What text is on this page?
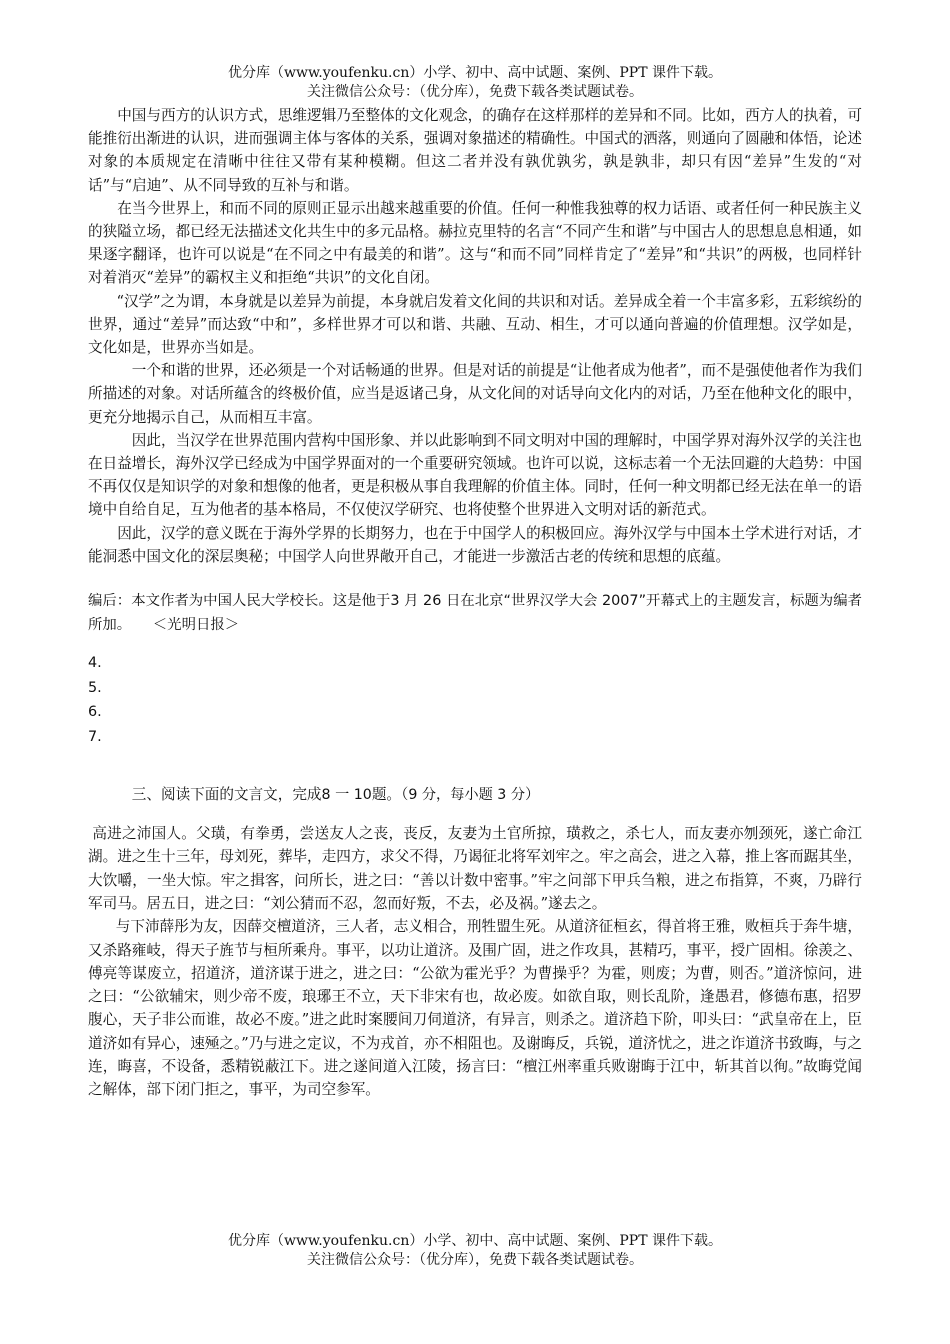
优分库（www.youfenku.cn）小学、初中、高中试题、案例、PPT 课件下载。
关注微信公众号：（优分库），免费下载各类试题试卷。

中国与西方的认识方式，思维逻辑乃至整体的文化观念，的确存在这样那样的差异和不同。比如，西方人的执着，可能推衍出渐进的认识，进而强调主体与客体的关系，强调对象描述的精确性。中国式的洒落，则通向了圆融和体悟，论述对象的本质规定在清晰中往往又带有某种模糊。但这二者并没有孰优孰劣，孰是孰非，却只有因“差异”生发的“对话”与“启迪”、从不同导致的互补与和谐。

在当今世界上，和而不同的原则正显示出越来越重要的价值。任何一种惟我独尊的权力话语、或者任何一种民族主义的狭隘立场，都已经无法描述文化共生中的多元品格。赫拉克里特的名言“不同产生和谐”与中国古人的思想息息相通，如果逐字翻译，也许可以说是“在不同之中有最美的和谐”。这与“和而不同”同样肯定了“差异”和“共识”的两极，也同样针对着消灭“差异”的霸权主义和拒绝“共识”的文化自闭。

“汉学”之为谓，本身就是以差异为前提，本身就启发着文化间的共识和对话。差异成全着一个丰富多彩，五彩缤纷的世界，通过“差异”而达致“中和”，多样世界才可以和谐、共融、互动、相生，才可以通向普遍的价值理想。汉学如是，文化如是，世界亦当如是。

一个和谐的世界，还必须是一个对话畅通的世界。但是对话的前提是“让他者成为他者”，而不是强使他者作为我们所描述的对象。对话所蕴含的终极价值，应当是返诸己身，从文化间的对话导向文化内的对话，乃至在他种文化的眼中，更充分地揭示自己，从而相互丰富。

因此，当汉学在世界范围内营构中国形象、并以此影响到不同文明对中国的理解时，中国学界对海外汉学的关注也在日益增长，海外汉学已经成为中国学界面对的一个重要研究领域。也许可以说，这标志着一个无法回避的大趋势：中国不再仅仅是知识学的对象和想像的他者，更是积极从事自我理解的价值主体。同时，任何一种文明都已经无法在单一的语境中自给自足，互为他者的基本格局，不仅使汉学研究、也将使整个世界进入文明对话的新范式。

因此，汉学的意义既在于海外学界的长期努力，也在于中国学人的积极回应。海外汉学与中国本土学术进行对话，才能洞悉中国文化的深层奥秘；中国学人向世界敞开自己，才能进一步激活古老的传统和思想的底蕴。

编后：本文作者为中国人民大学校长。这是他于3 月 26 日在北京“世界汉学大会 2007”开幕式上的主题发言，标题为编者所加。　　 ＜光明日报＞

4.
5.
6.
7.

三、阅读下面的文言文，完成8 一 10题。（9 分，每小题 3 分）

高进之沛国人。父璜，有拳勇，尝送友人之丧，丧反，友妻为土官所掠，璜救之，杀七人，而友妻亦刎颈死，遂亡命江湖。进之生十三年，母刘死，葬毕，走四方，求父不得，乃谒征北将军刘牢之。牢之高会，进之入幕，推上客而踞其坐，大饮嚼，一坐大惊。牢之揖客，问所长，进之曰：“善以计数中密事。”牢之问部下甲兵刍粮，进之布指算，不爽，乃辟行军司马。居五日，进之曰：“刘公猜而不忍，忽而好叛，不去，必及祸。”遂去之。

与下沛薛彤为友，因薛交檀道济，三人者，志义相合，刑牲盟生死。从道济征桓玄，得首将王雅，败桓兵于奔牛塘，又杀路雍岐，得天子旌节与桓所乘舟。事平，以功让道济。及围广固，进之作攻具，甚精巧，事平，授广固相。徐羡之、傅亮等谋废立，招道济，道济谋于进之，进之曰：“公欲为霍光乎？为曹操乎？为霍，则废；为曹，则否。”道济惊问，进之曰：“公欲辅宋，则少帝不废，琅琊王不立，天下非宋有也，故必废。如欲自取，则长乱阶，逢愚君，修德布惠，招罗腹心，天子非公而谁，故必不废。”进之此时案腰间刀伺道济，有异言，则杀之。道济趋下阶，叩头曰：“武皇帝在上，臣道济如有异心，速殛之。”乃与进之定议，不为戎首，亦不相阻也。及谢晦反，兵锐，道济忧之，进之诈道济书致晦，与之连，晦喜，不设备，悉精锐蔽江下。进之遂间道入江陵，扬言曰：“檀江州率重兵败谢晦于江中，斩其首以徇。”故晦党闻之解体，部下闭门拒之，事平，为司空参军。

优分库（www.youfenku.cn）小学、初中、高中试题、案例、PPT 课件下载。
关注微信公众号：（优分库），免费下载各类试题试卷。
